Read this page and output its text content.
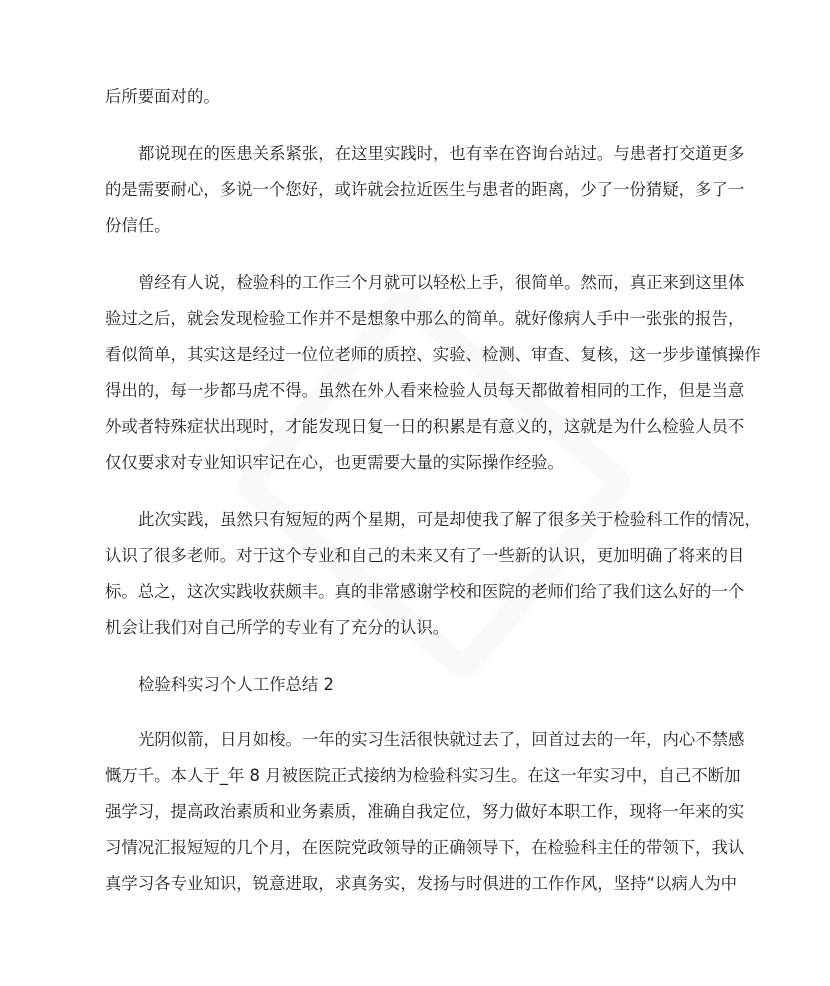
后所要面对的。
都说现在的医患关系紧张，在这里实践时，也有幸在咨询台站过。与患者打交道更多
的是需要耐心，多说一个您好，或许就会拉近医生与患者的距离，少了一份猜疑，多了一
份信任。
曾经有人说，检验科的工作三个月就可以轻松上手，很简单。然而，真正来到这里体
验过之后，就会发现检验工作并不是想象中那么的简单。就好像病人手中一张张的报告，
看似简单，其实这是经过一位位老师的质控、实验、检测、审查、复核，这一步步谨慎操作
得出的，每一步都马虎不得。虽然在外人看来检验人员每天都做着相同的工作，但是当意
外或者特殊症状出现时，才能发现日复一日的积累是有意义的，这就是为什么检验人员不
仅仅要求对专业知识牢记在心，也更需要大量的实际操作经验。
此次实践，虽然只有短短的两个星期，可是却使我了解了很多关于检验科工作的情况，
认识了很多老师。对于这个专业和自己的未来又有了一些新的认识，更加明确了将来的目
标。总之，这次实践收获颇丰。真的非常感谢学校和医院的老师们给了我们这么好的一个
机会让我们对自己所学的专业有了充分的认识。
检验科实习个人工作总结 2
光阴似箭，日月如梭。一年的实习生活很快就过去了，回首过去的一年，内心不禁感
慨万千。本人于_年 8 月被医院正式接纳为检验科实习生。在这一年实习中，自己不断加
强学习，提高政治素质和业务素质，准确自我定位，努力做好本职工作，现将一年来的实
习情况汇报短短的几个月，在医院党政领导的正确领导下，在检验科主任的带领下，我认
真学习各专业知识，锐意进取，求真务实，发扬与时俱进的工作作风，坚持“以病人为中
